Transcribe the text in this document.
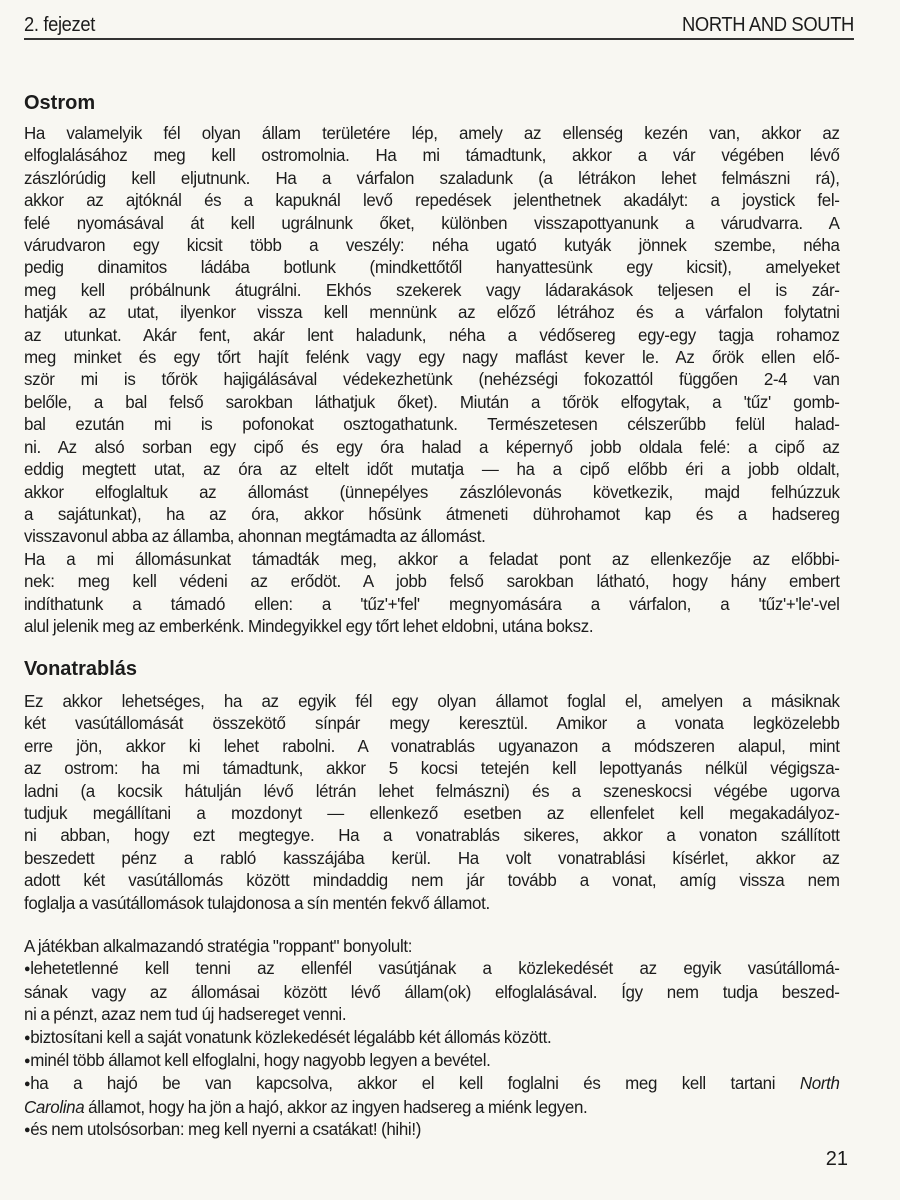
2. fejezet	NORTH AND SOUTH
Ostrom
Ha valamelyik fél olyan állam területére lép, amely az ellenség kezén van, akkor az
elfoglalásához meg kell ostromolnia. Ha mi támadtunk, akkor a vár végében lévő
zászlórúdig kell eljutnunk. Ha a várfalon szaladunk (a létrákon lehet felmászni rá),
akkor az ajtóknál és a kapuknál levő repedések jelenthetnek akadályt: a joystick fel-
felé nyomásával át kell ugrálnunk őket, különben visszapottyanunk a várudvarra. A
várudvaron egy kicsit több a veszély: néha ugató kutyák jönnek szembe, néha
pedig dinamitos ládába botlunk (mindkettőtől hanyattesünk egy kicsit), amelyeket
meg kell próbálnunk átugrálni. Ekhós szekerek vagy ládarakások teljesen el is zár-
hatják az utat, ilyenkor vissza kell mennünk az előző létrához és a várfalon folytatni
az utunkat. Akár fent, akár lent haladunk, néha a védősereg egy-egy tagja rohamoz
meg minket és egy tőrt hajít felénk vagy egy nagy maflást kever le. Az őrök ellen elő-
ször mi is tőrök hajigálásával védekezhetünk (nehézségi fokozattól függően 2-4 van
belőle, a bal felső sarokban láthatjuk őket). Miután a tőrök elfogytak, a 'tűz' gomb-
bal ezután mi is pofonokat osztogathatunk. Természetesen célszerűbb felül halad-
ni. Az alsó sorban egy cipő és egy óra halad a képernyő jobb oldala felé: a cipő az
eddig megtett utat, az óra az eltelt időt mutatja — ha a cipő előbb éri a jobb oldalt,
akkor elfoglaltuk az állomást (ünnepélyes zászlólevonás következik, majd felhúzzuk
a sajátunkat), ha az óra, akkor hősünk átmeneti dührohamot kap és a hadsereg
visszavonul abba az államba, ahonnan megtámadta az állomást.
Ha a mi állomásunkat támadták meg, akkor a feladat pont az ellenkezője az előbbi-
nek: meg kell védeni az erődöt. A jobb felső sarokban látható, hogy hány embert
indíthatunk a támadó ellen: a 'tűz'+'fel' megnyomására a várfalon, a 'tűz'+'le'-vel
alul jelenik meg az emberkénk. Mindegyikkel egy tőrt lehet eldobni, utána boksz.
Vonatrablás
Ez akkor lehetséges, ha az egyik fél egy olyan államot foglal el, amelyen a másiknak
két vasútállomását összekötő sínpár megy keresztül. Amikor a vonata legközelebb
erre jön, akkor ki lehet rabolni. A vonatrablás ugyanazon a módszeren alapul, mint
az ostrom: ha mi támadtunk, akkor 5 kocsi tetején kell lepottyanás nélkül végigsza-
ladni (a kocsik hátulján lévő létrán lehet felmászni) és a szeneskocsi végébe ugorva
tudjuk megállítani a mozdonyt — ellenkező esetben az ellenfelet kell megakadályoz-
ni abban, hogy ezt megtegye. Ha a vonatrablás sikeres, akkor a vonaton szállított
beszedett pénz a rabló kasszájába kerül. Ha volt vonatrablási kísérlet, akkor az
adott két vasútállomás között mindaddig nem jár tovább a vonat, amíg vissza nem
foglalja a vasútállomások tulajdonosa a sín mentén fekvő államot.
A játékban alkalmazandó stratégia "roppant" bonyolult:
●lehetetlenné kell tenni az ellenfél vasútjának a közlekedését az egyik vasútállomá-
sának vagy az állomásai között lévő állam(ok) elfoglalásával. Így nem tudja beszed-
ni a pénzt, azaz nem tud új hadsereget venni.
●biztosítani kell a saját vonatunk közlekedését légalább két állomás között.
●minél több államot kell elfoglalni, hogy nagyobb legyen a bevétel.
●ha a hajó be van kapcsolva, akkor el kell foglalni és meg kell tartani North
Carolina államot, hogy ha jön a hajó, akkor az ingyen hadsereg a miénk legyen.
●és nem utolsósorban: meg kell nyerni a csatákat! (hihi!)
21
